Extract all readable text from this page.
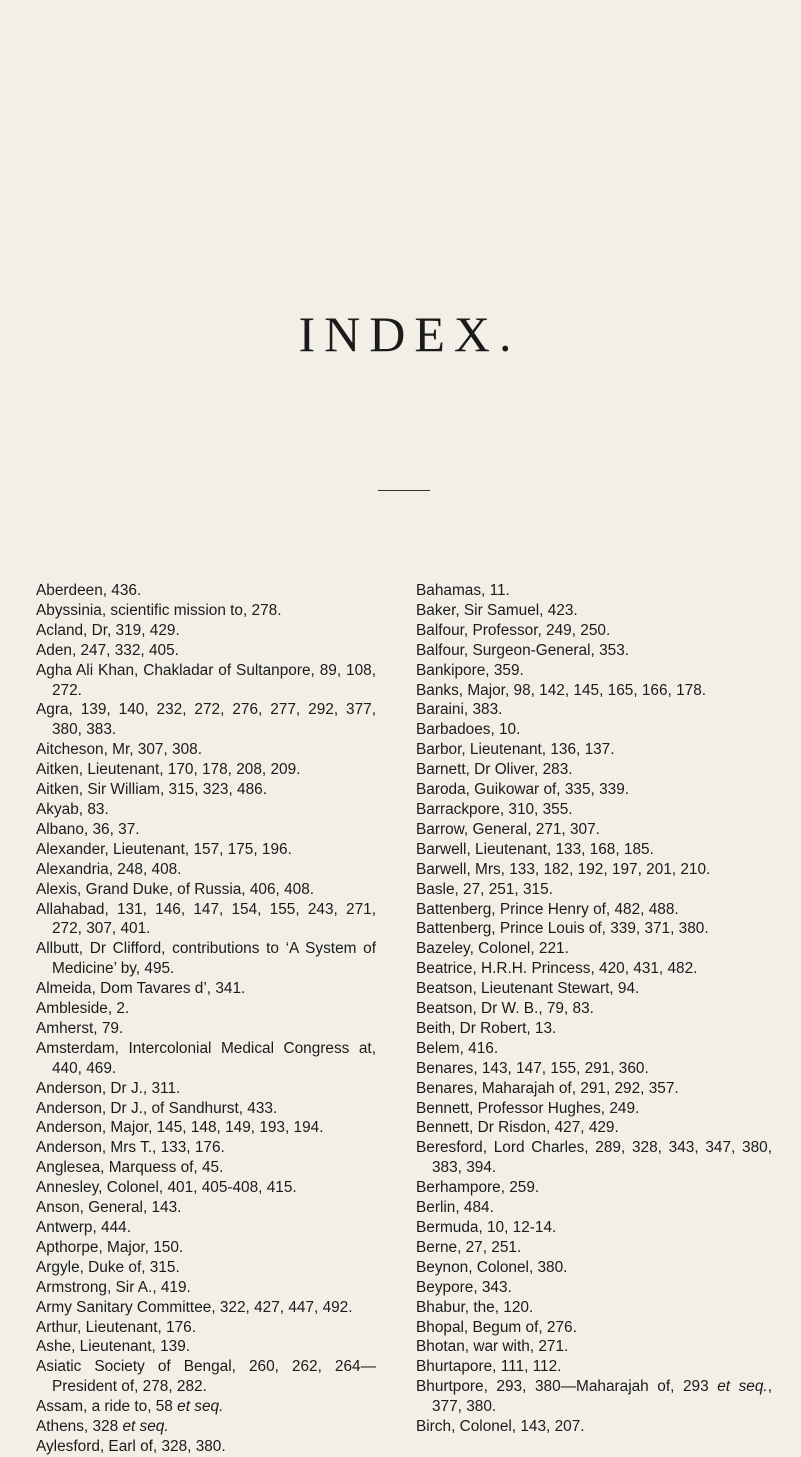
INDEX.

Aberdeen, 436.

Abyssinia, scientific mission to, 278.

Acland, Dr, 319, 429.

Aden, 247, 332, 405.

Agha Ali Khan, Chakladar of Sultanpore, 89, 108, 272.

Agra, 139, 140, 232, 272, 276, 277, 292, 377, 380, 383.

Aitcheson, Mr, 307, 308.

Aitken, Lieutenant, 170, 178, 208, 209.

Aitken, Sir William, 315, 323, 486.

Akyab, 83.

Albano, 36, 37.

Alexander, Lieutenant, 157, 175, 196.

Alexandria, 248, 408.

Alexis, Grand Duke, of Russia, 406, 408.

Allahabad, 131, 146, 147, 154, 155, 243, 271, 272, 307, 401.

Allbutt, Dr Clifford, contributions to ‘A System of Medicine’ by, 495.

Almeida, Dom Tavares d’, 341.

Ambleside, 2.

Amherst, 79.

Amsterdam, Intercolonial Medical Congress at, 440, 469.

Anderson, Dr J., 311.

Anderson, Dr J., of Sandhurst, 433.

Anderson, Major, 145, 148, 149, 193, 194.

Anderson, Mrs T., 133, 176.

Anglesea, Marquess of, 45.

Annesley, Colonel, 401, 405-408, 415.

Anson, General, 143.

Antwerp, 444.

Apthorpe, Major, 150.

Argyle, Duke of, 315.

Armstrong, Sir A., 419.

Army Sanitary Committee, 322, 427, 447, 492.

Arthur, Lieutenant, 176.

Ashe, Lieutenant, 139.

Asiatic Society of Bengal, 260, 262, 264—President of, 278, 282.

Assam, a ride to, 58 et seq.

Athens, 328 et seq.

Aylesford, Earl of, 328, 380.

Bahamas, 11.

Baker, Sir Samuel, 423.

Balfour, Professor, 249, 250.

Balfour, Surgeon-General, 353.

Bankipore, 359.

Banks, Major, 98, 142, 145, 165, 166, 178.

Baraini, 383.

Barbadoes, 10.

Barbor, Lieutenant, 136, 137.

Barnett, Dr Oliver, 283.

Baroda, Guikowar of, 335, 339.

Barrackpore, 310, 355.

Barrow, General, 271, 307.

Barwell, Lieutenant, 133, 168, 185.

Barwell, Mrs, 133, 182, 192, 197, 201, 210.

Basle, 27, 251, 315.

Battenberg, Prince Henry of, 482, 488.

Battenberg, Prince Louis of, 339, 371, 380.

Bazeley, Colonel, 221.

Beatrice, H.R.H. Princess, 420, 431, 482.

Beatson, Lieutenant Stewart, 94.

Beatson, Dr W. B., 79, 83.

Beith, Dr Robert, 13.

Belem, 416.

Benares, 143, 147, 155, 291, 360.

Benares, Maharajah of, 291, 292, 357.

Bennett, Professor Hughes, 249.

Bennett, Dr Risdon, 427, 429.

Beresford, Lord Charles, 289, 328, 343, 347, 380, 383, 394.

Berhampore, 259.

Berlin, 484.

Bermuda, 10, 12-14.

Berne, 27, 251.

Beynon, Colonel, 380.

Beypore, 343.

Bhabur, the, 120.

Bhopal, Begum of, 276.

Bhotan, war with, 271.

Bhurtapore, 111, 112.

Bhurtpore, 293, 380—Maharajah of, 293 et seq., 377, 380.

Birch, Colonel, 143, 207.
